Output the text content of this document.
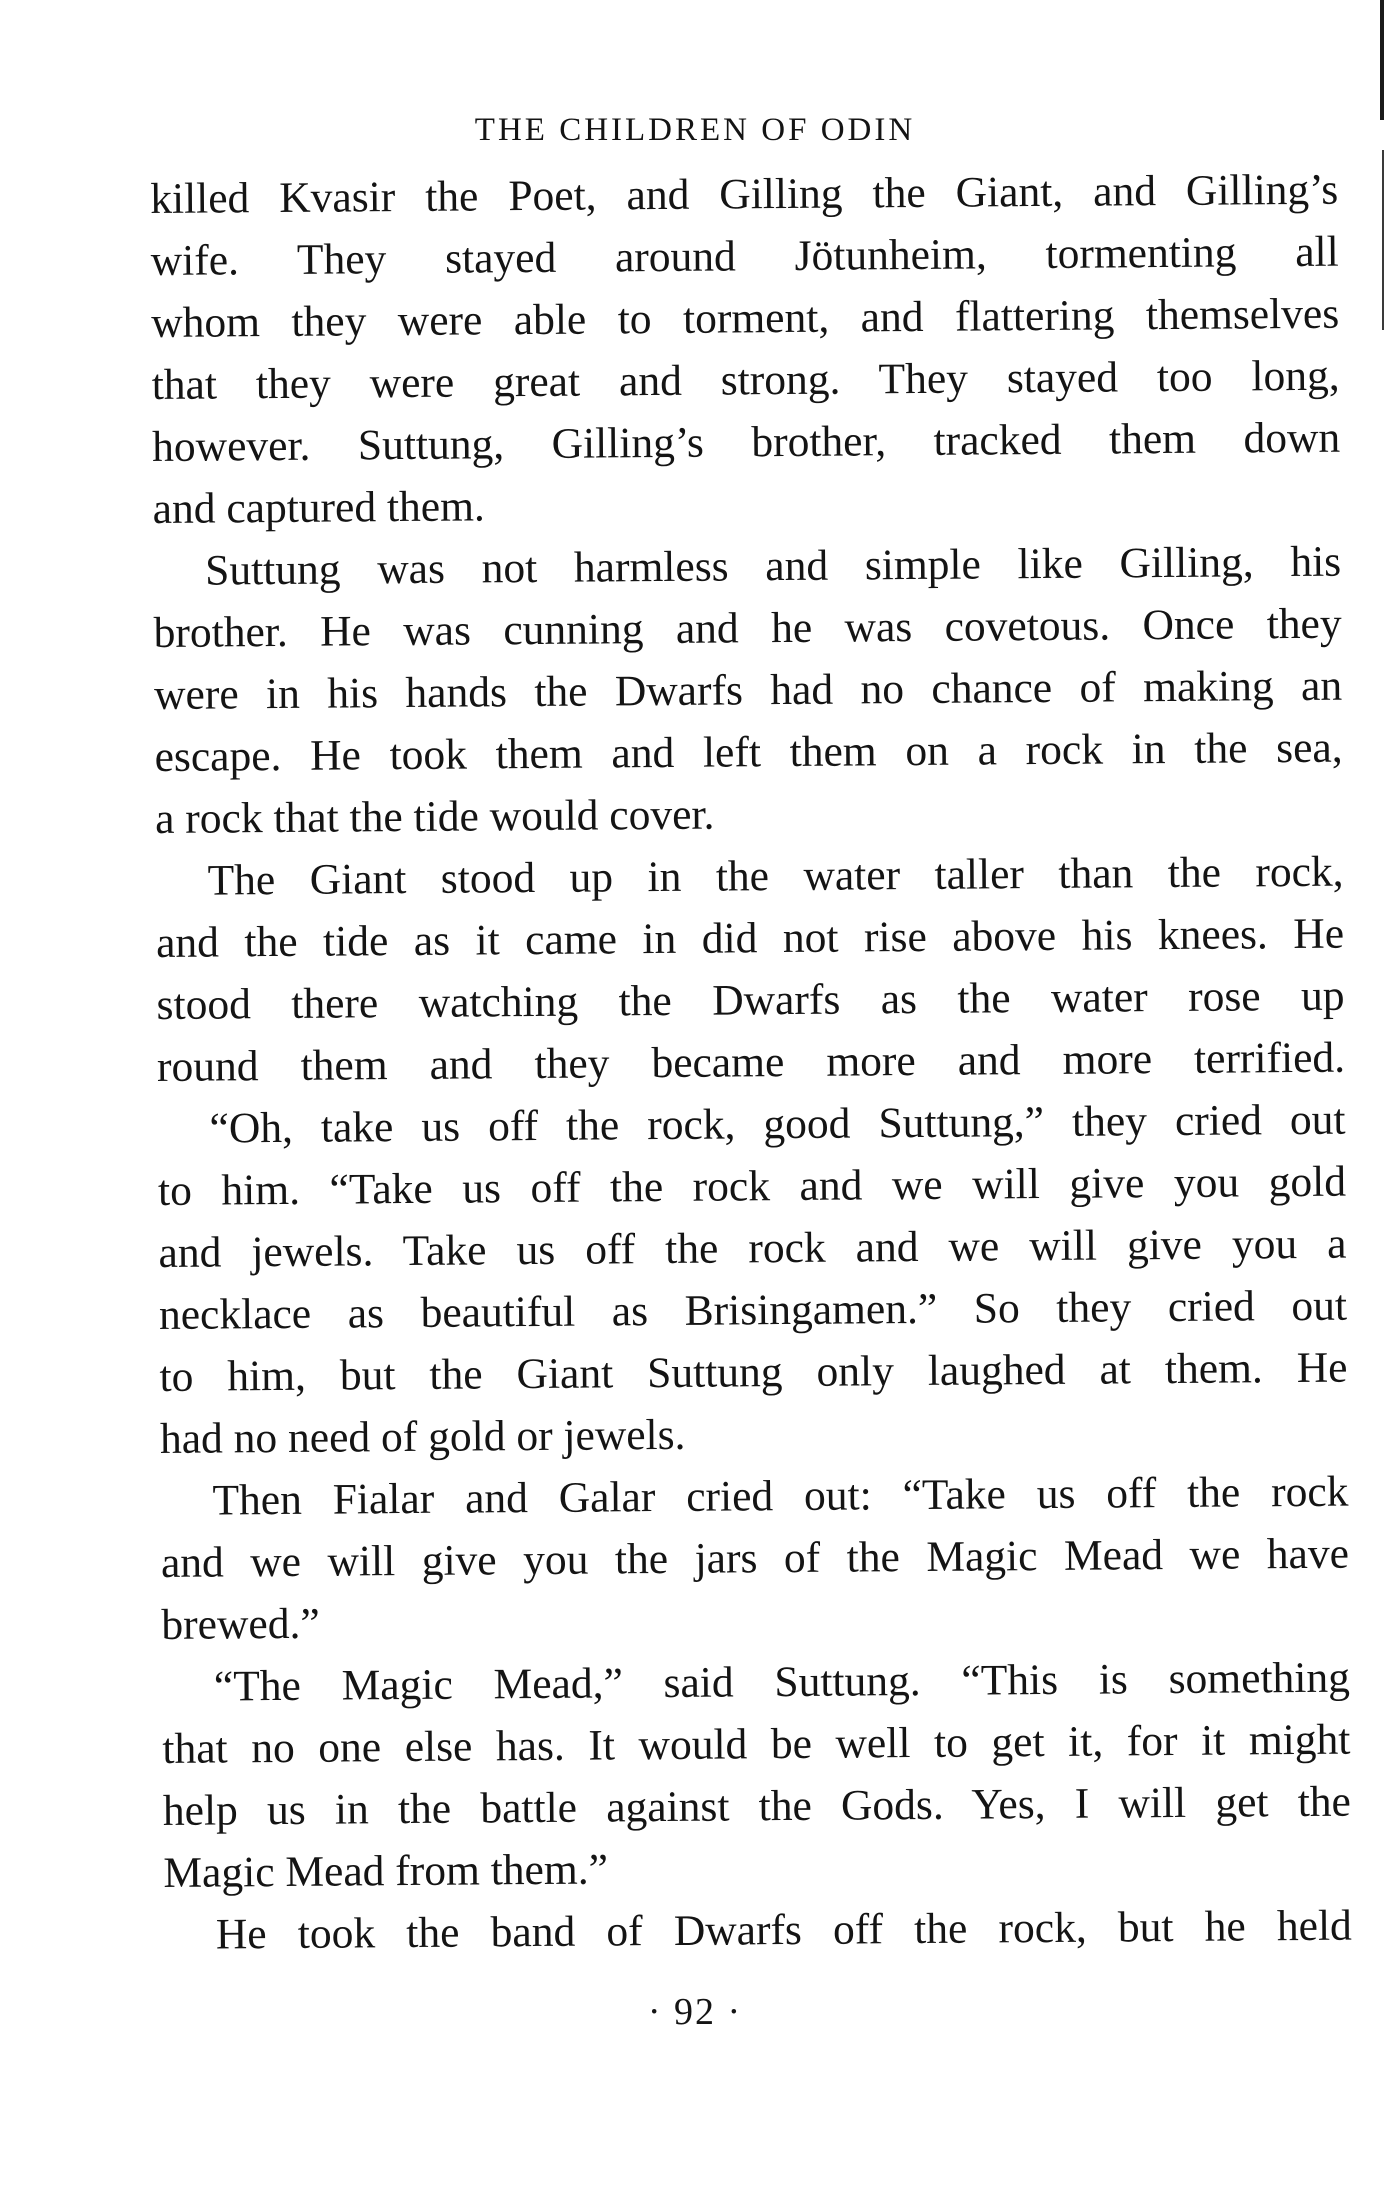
THE CHILDREN OF ODIN
killed Kvasir the Poet, and Gilling the Giant, and Gilling’s
wife. They stayed around Jötunheim, tormenting all
whom they were able to torment, and flattering themselves
that they were great and strong. They stayed too long,
however. Suttung, Gilling’s brother, tracked them down
and captured them.
Suttung was not harmless and simple like Gilling, his
brother. He was cunning and he was covetous. Once they
were in his hands the Dwarfs had no chance of making an
escape. He took them and left them on a rock in the sea,
a rock that the tide would cover.
The Giant stood up in the water taller than the rock,
and the tide as it came in did not rise above his knees. He
stood there watching the Dwarfs as the water rose up
round them and they became more and more terrified.
“Oh, take us off the rock, good Suttung,” they cried out
to him. “Take us off the rock and we will give you gold
and jewels. Take us off the rock and we will give you a
necklace as beautiful as Brisingamen.” So they cried out
to him, but the Giant Suttung only laughed at them. He
had no need of gold or jewels.
Then Fialar and Galar cried out: “Take us off the rock
and we will give you the jars of the Magic Mead we have
brewed.”
“The Magic Mead,” said Suttung. “This is something
that no one else has. It would be well to get it, for it might
help us in the battle against the Gods. Yes, I will get the
Magic Mead from them.”
He took the band of Dwarfs off the rock, but he held
· 92 ·
